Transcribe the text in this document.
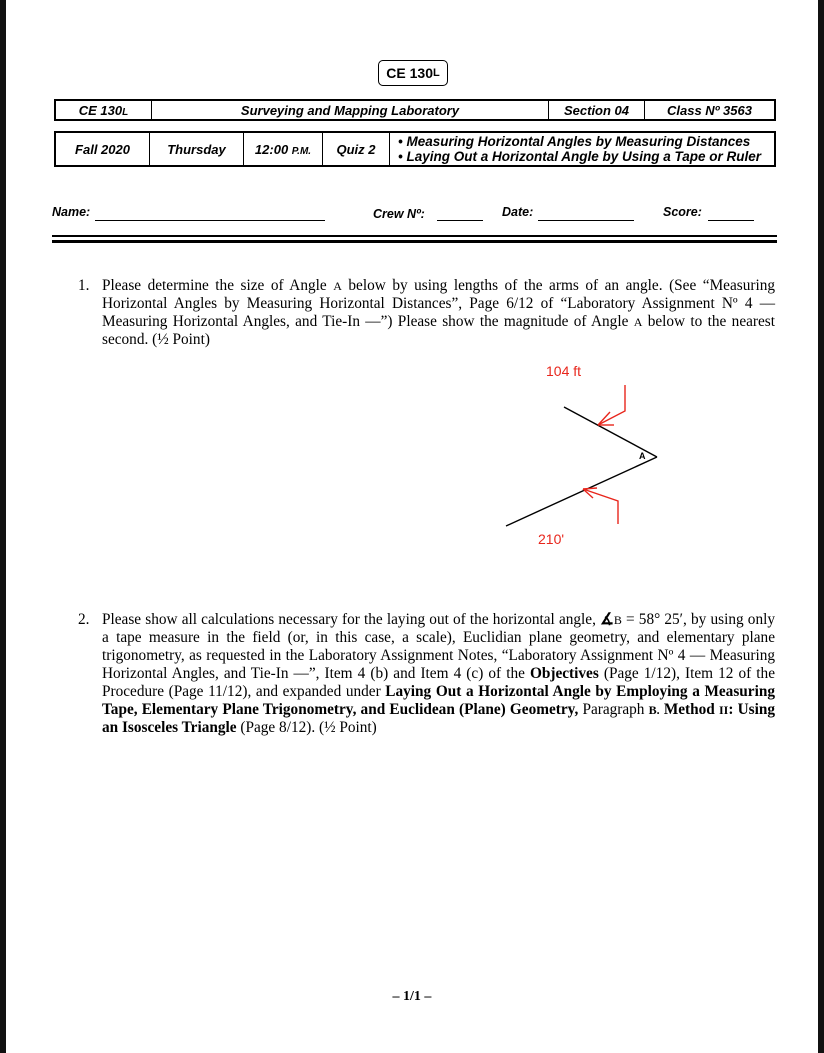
CE 130 L
CE 130L	Surveying and Mapping Laboratory	Section 04	Class Nº 3563
Fall 2020	Thursday	12:00 P.M.	Quiz 2	• Measuring Horizontal Angles by Measuring Distances
• Laying Out a Horizontal Angle by Using a Tape or Ruler
Name:	Crew Nº:	Date:	Score:
1. Please determine the size of Angle A below by using lengths of the arms of an angle. (See “Measuring Horizontal Angles by Measuring Horizontal Distances”, Page 6/12 of “Laboratory Assignment Nº 4 — Measuring Horizontal Angles, and Tie-In —”) Please show the magnitude of Angle A below to the nearest second. (½ Point)
A
104 ft
210'
2. Please show all calculations necessary for the laying out of the horizontal angle, ∡B = 58° 25′, by using only a tape measure in the field (or, in this case, a scale), Euclidian plane geometry, and elementary plane trigonometry, as requested in the Laboratory Assignment Notes, “Laboratory Assignment Nº 4 — Measuring Horizontal Angles, and Tie-In —”, Item 4 (b) and Item 4 (c) of the Objectives (Page 1/12), Item 12 of the Procedure (Page 11/12), and expanded under Laying Out a Horizontal Angle by Employing a Measuring Tape, Elementary Plane Trigonometry, and Euclidean (Plane) Geometry, Paragraph B. Method II: Using an Isosceles Triangle (Page 8/12). (½ Point)
– 1/1 –
